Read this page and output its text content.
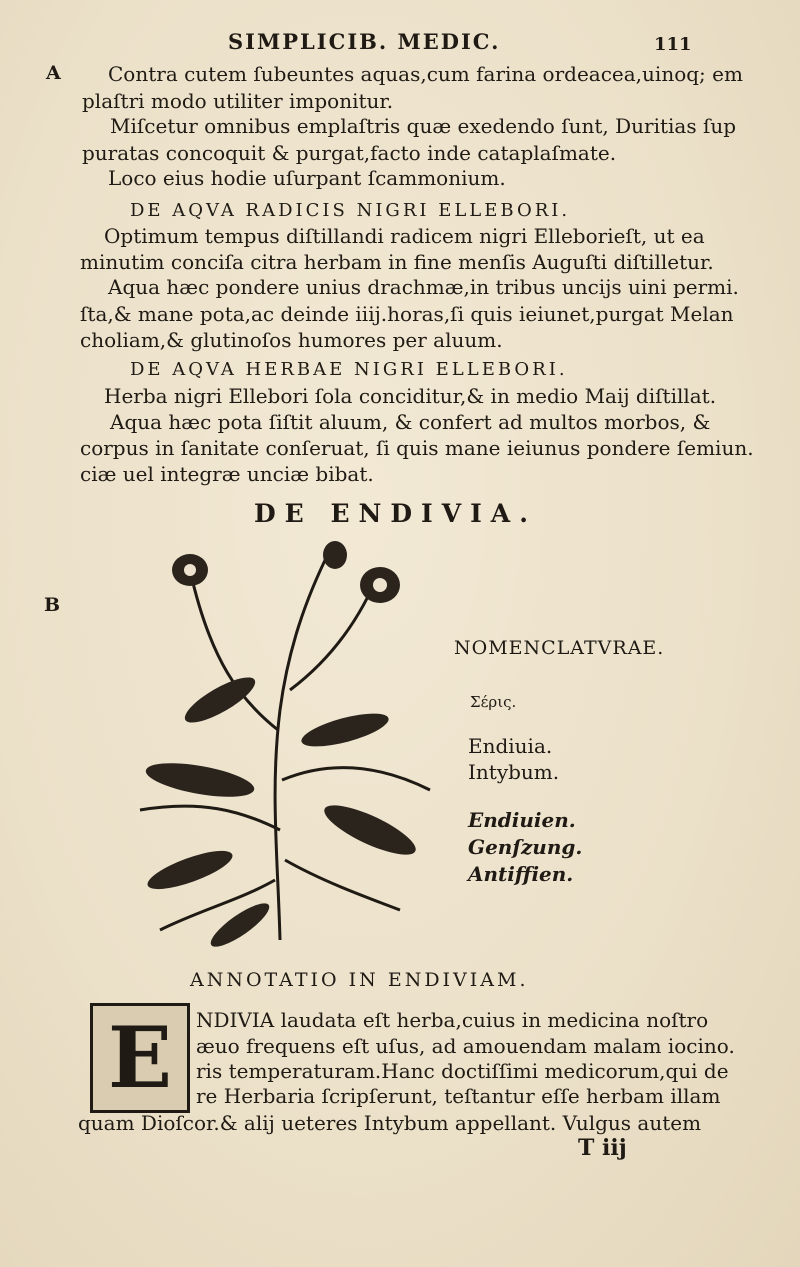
SIMPLICIB. MEDIC.	111
A
B
Contra cutem ſubeuntes aquas,cum farina ordeacea,uinoq; em
plaſtri modo utiliter imponitur.
Miſcetur omnibus emplaſtris quæ exedendo ſunt, Duritias ſup
puratas concoquit & purgat,facto inde cataplaſmate.
Loco eius hodie uſurpant ſcammonium.
DE AQVA RADICIS NIGRI ELLEBORI.
Optimum tempus diſtillandi radicem nigri Elleborieſt, ut ea
minutim conciſa citra herbam in fine menſis Auguſti diſtilletur.
Aqua hæc pondere unius drachmæ,in tribus uncijs uini permi.
ſta,& mane pota,ac deinde iiij.horas,ſi quis ieiunet,purgat Melan
choliam,& glutinoſos humores per aluum.
DE AQVA HERBAE NIGRI ELLEBORI.
Herba nigri Ellebori ſola conciditur,& in medio Maij diſtillat.
Aqua hæc pota ſiſtit aluum, & confert ad multos morbos, &
corpus in ſanitate conſeruat, ſi quis mane ieiunus pondere ſemiun.
ciæ uel integræ unciæ bibat.
DE ENDIVIA.
NOMENCLATVRAE.
Σέρις.
Endiuia.
Intybum.
Endiuien.
Genſzung.
Antiffien.
ANNOTATIO IN ENDIVIAM.
E	NDIVIA laudata eſt herba,cuius in medicina noſtro
æuo frequens eſt uſus, ad amouendam malam iocino.
ris temperaturam.Hanc doctiſſimi medicorum,qui de
re Herbaria ſcripſerunt, teſtantur eſſe herbam illam
quam Dioſcor.& alij ueteres Intybum appellant. Vulgus autem
T iij
